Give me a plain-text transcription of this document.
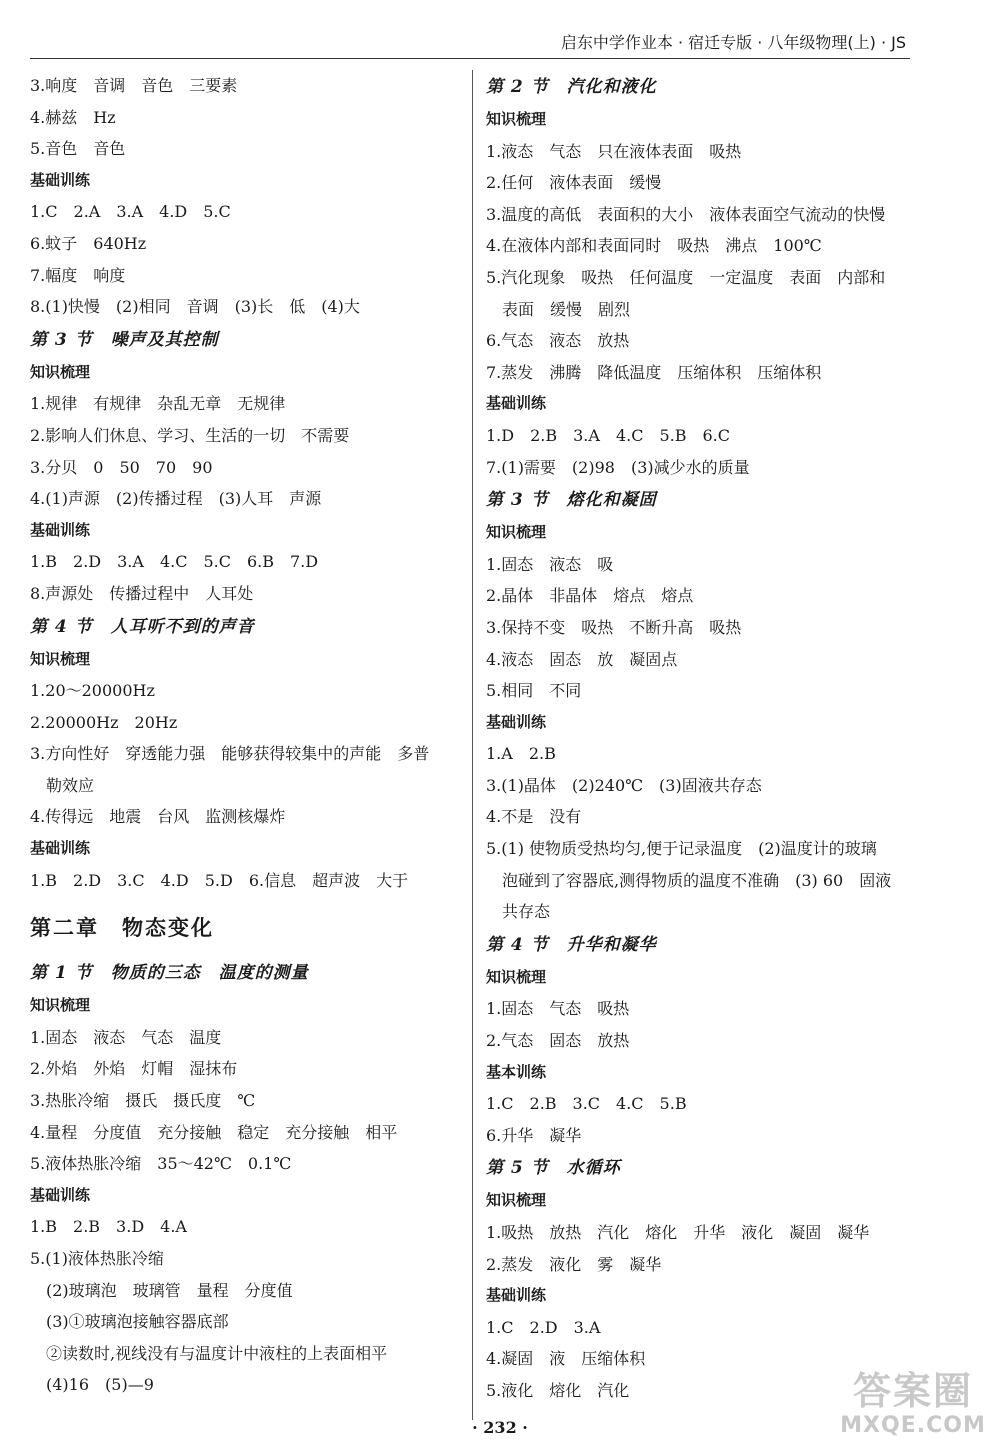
启东中学作业本 · 宿迁专版 · 八年级物理(上) · JS
3.响度　音调　音色　三要素
4.赫兹　Hz
5.音色　音色
基础训练
1.C　2.A　3.A　4.D　5.C
6.蚊子　640Hz
7.幅度　响度
8.(1)快慢　(2)相同　音调　(3)长　低　(4)大
第 3 节　噪声及其控制
知识梳理
1.规律　有规律　杂乱无章　无规律
2.影响人们休息、学习、生活的一切　不需要
3.分贝　0　50　70　90
4.(1)声源　(2)传播过程　(3)人耳　声源
基础训练
1.B　2.D　3.A　4.C　5.C　6.B　7.D
8.声源处　传播过程中　人耳处
第 4 节　人耳听不到的声音
知识梳理
1.20～20000Hz
2.20000Hz　20Hz
3.方向性好　穿透能力强　能够获得较集中的声能　多普
勒效应
4.传得远　地震　台风　监测核爆炸
基础训练
1.B　2.D　3.C　4.D　5.D　6.信息　超声波　大于
第二章　物态变化
第 1 节　物质的三态　温度的测量
知识梳理
1.固态　液态　气态　温度
2.外焰　外焰　灯帽　湿抹布
3.热胀冷缩　摄氏　摄氏度　℃
4.量程　分度值　充分接触　稳定　充分接触　相平
5.液体热胀冷缩　35～42℃　0.1℃
基础训练
1.B　2.B　3.D　4.A
5.(1)液体热胀冷缩
(2)玻璃泡　玻璃管　量程　分度值
(3)①玻璃泡接触容器底部
②读数时,视线没有与温度计中液柱的上表面相平
(4)16　(5)—9
第 2 节　汽化和液化
知识梳理
1.液态　气态　只在液体表面　吸热
2.任何　液体表面　缓慢
3.温度的高低　表面积的大小　液体表面空气流动的快慢
4.在液体内部和表面同时　吸热　沸点　100℃
5.汽化现象　吸热　任何温度　一定温度　表面　内部和
表面　缓慢　剧烈
6.气态　液态　放热
7.蒸发　沸腾　降低温度　压缩体积　压缩体积
基础训练
1.D　2.B　3.A　4.C　5.B　6.C
7.(1)需要　(2)98　(3)减少水的质量
第 3 节　熔化和凝固
知识梳理
1.固态　液态　吸
2.晶体　非晶体　熔点　熔点
3.保持不变　吸热　不断升高　吸热
4.液态　固态　放　凝固点
5.相同　不同
基础训练
1.A　2.B
3.(1)晶体　(2)240℃　(3)固液共存态
4.不是　没有
5.(1) 使物质受热均匀,便于记录温度　(2)温度计的玻璃
泡碰到了容器底,测得物质的温度不准确　(3) 60　固液
共存态
第 4 节　升华和凝华
知识梳理
1.固态　气态　吸热
2.气态　固态　放热
基本训练
1.C　2.B　3.C　4.C　5.B
6.升华　凝华
第 5 节　水循环
知识梳理
1.吸热　放热　汽化　熔化　升华　液化　凝固　凝华
2.蒸发　液化　雾　凝华
基础训练
1.C　2.D　3.A
4.凝固　液　压缩体积
5.液化　熔化　汽化
· 232 ·
答案圈
MXQE.COM
